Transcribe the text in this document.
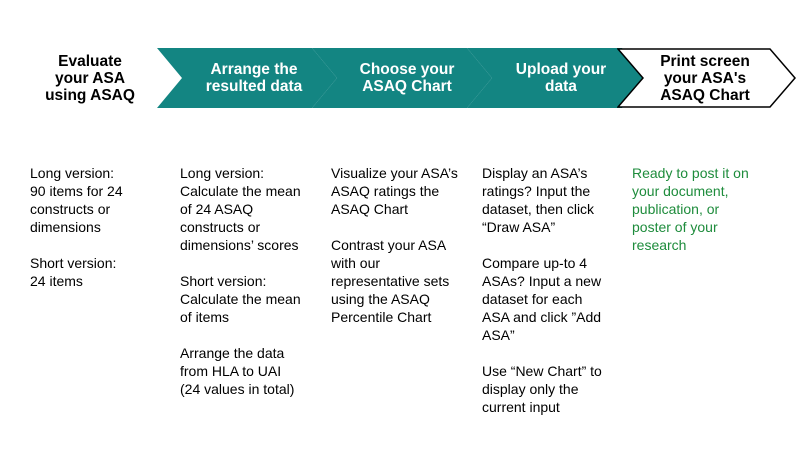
Evaluate
your ASA
using ASAQ
Arrange the
resulted data
Choose your
ASAQ Chart
Upload your
data
Print screen
your ASA's
ASAQ Chart

Long version:
90 items for 24
constructs or
dimensions

Short version:
24 items

Long version:
Calculate the mean
of 24 ASAQ
constructs or
dimensions’ scores

Short version:
Calculate the mean
of items

Arrange the data
from HLA to UAI
(24 values in total)

Visualize your ASA’s
ASAQ ratings the
ASAQ Chart

Contrast your ASA
with our
representative sets
using the ASAQ
Percentile Chart

Display an ASA’s
ratings? Input the
dataset, then click
“Draw ASA”

Compare up-to 4
ASAs? Input a new
dataset for each
ASA and click ”Add
ASA”

Use “New Chart” to
display only the
current input

Ready to post it on
your document,
publication, or
poster of your
research
